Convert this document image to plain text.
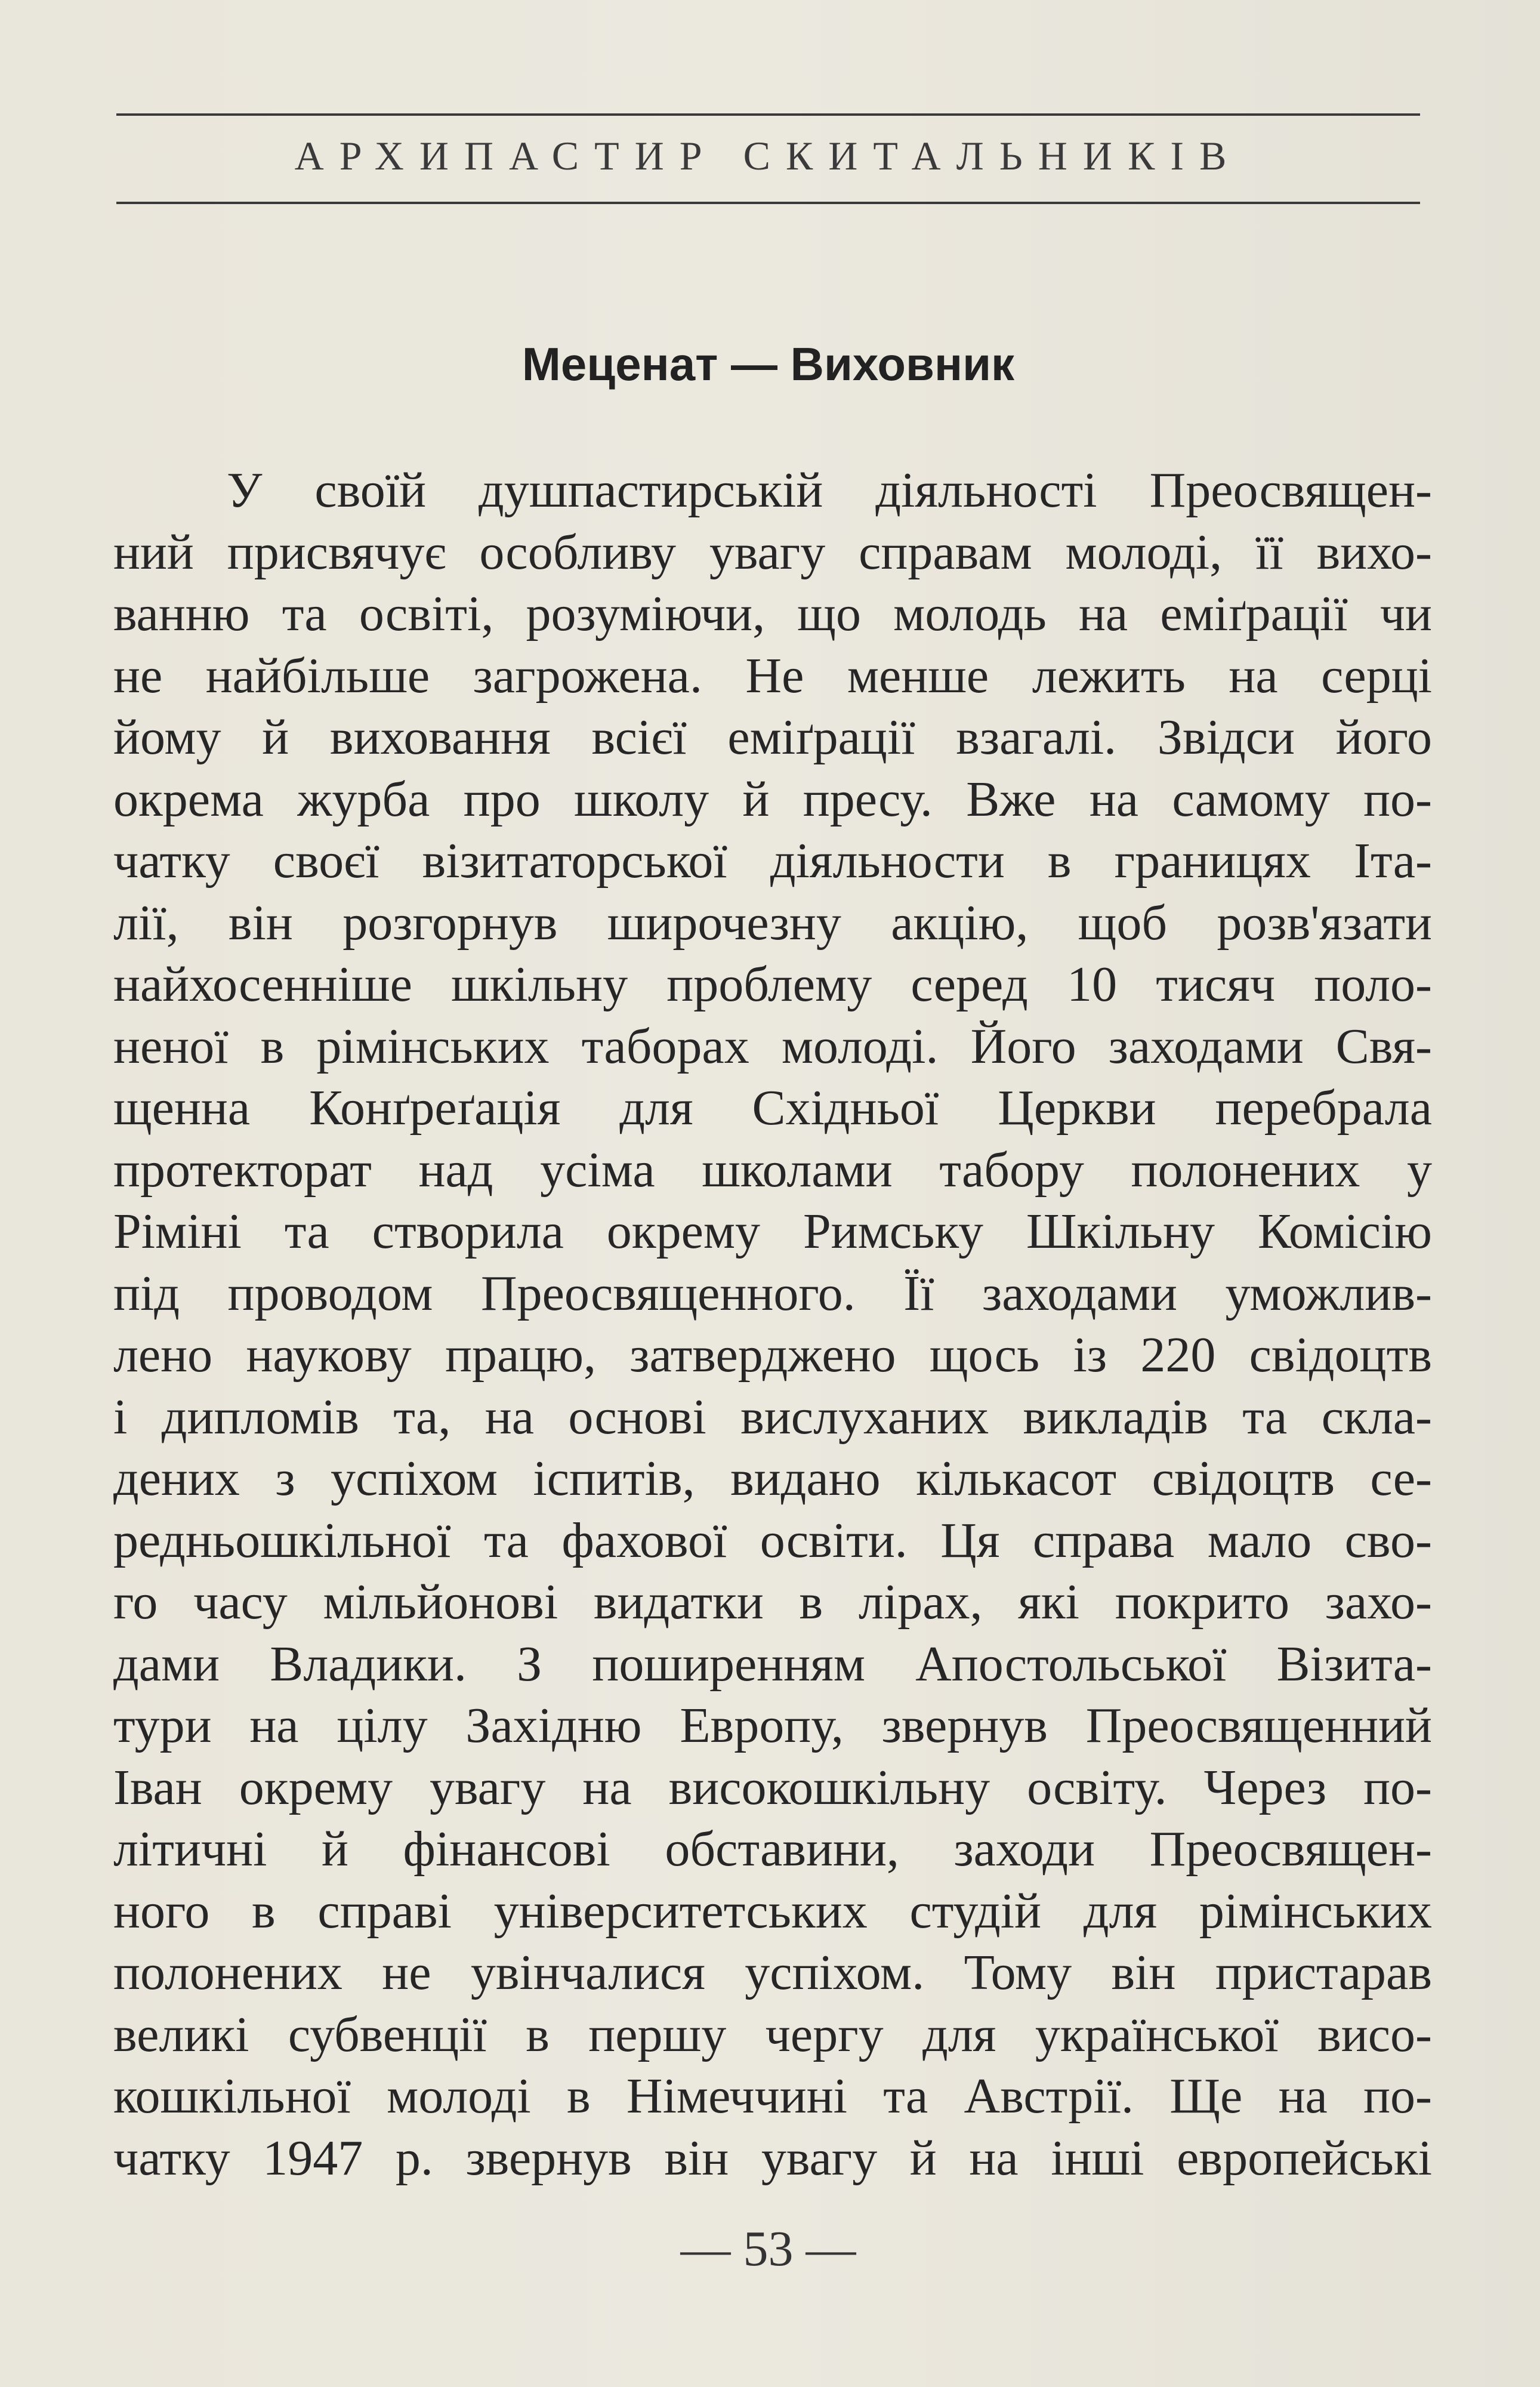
АРХИПАСТИР СКИТАЛЬНИКІВ
Меценат — Виховник
У своїй душпастирській діяльності Преосвящен-
ний присвячує особливу увагу справам молоді, її вихо-
ванню та освіті, розуміючи, що молодь на еміґрації чи
не найбільше загрожена. Не менше лежить на серці
йому й виховання всієї еміґрації взагалі. Звідси його
окрема журба про школу й пресу. Вже на самому по-
чатку своєї візитаторської діяльности в границях Іта-
лії, він розгорнув широчезну акцію, щоб розв'язати
найхосенніше шкільну проблему серед 10 тисяч поло-
неної в рімінських таборах молоді. Його заходами Свя-
щенна Конґреґація для Східньої Церкви перебрала
протекторат над усіма школами табору полонених у
Ріміні та створила окрему Римську Шкільну Комісію
під проводом Преосвященного. Її заходами уможлив-
лено наукову працю, затверджено щось із 220 свідоцтв
і дипломів та, на основі вислуханих викладів та скла-
дених з успіхом іспитів, видано кількасот свідоцтв се-
редньошкільної та фахової освіти. Ця справа мало сво-
го часу мільйонові видатки в лірах, які покрито захо-
дами Владики. З поширенням Апостольської Візита-
тури на цілу Західню Европу, звернув Преосвященний
Іван окрему увагу на високошкільну освіту. Через по-
літичні й фінансові обставини, заходи Преосвящен-
ного в справі університетських студій для рімінських
полонених не увінчалися успіхом. Тому він пристарав
великі субвенції в першу чергу для української висо-
кошкільної молоді в Німеччині та Австрії. Ще на по-
чатку 1947 р. звернув він увагу й на інші европейські
— 53 —
